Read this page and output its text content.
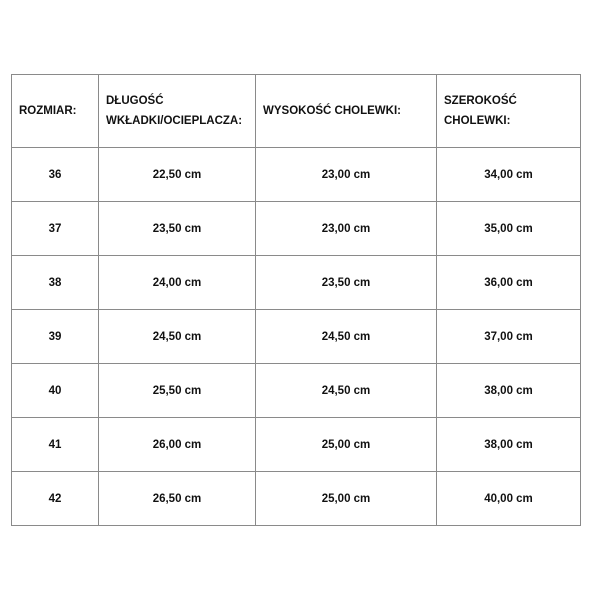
ROZMIAR:	DŁUGOŚĆ WKŁADKI/OCIEPLACZA:	WYSOKOŚĆ CHOLEWKI:	SZEROKOŚĆ CHOLEWKI:
36	22,50 cm	23,00 cm	34,00 cm
37	23,50 cm	23,00 cm	35,00 cm
38	24,00 cm	23,50 cm	36,00 cm
39	24,50 cm	24,50 cm	37,00 cm
40	25,50 cm	24,50 cm	38,00 cm
41	26,00 cm	25,00 cm	38,00 cm
42	26,50 cm	25,00 cm	40,00 cm
